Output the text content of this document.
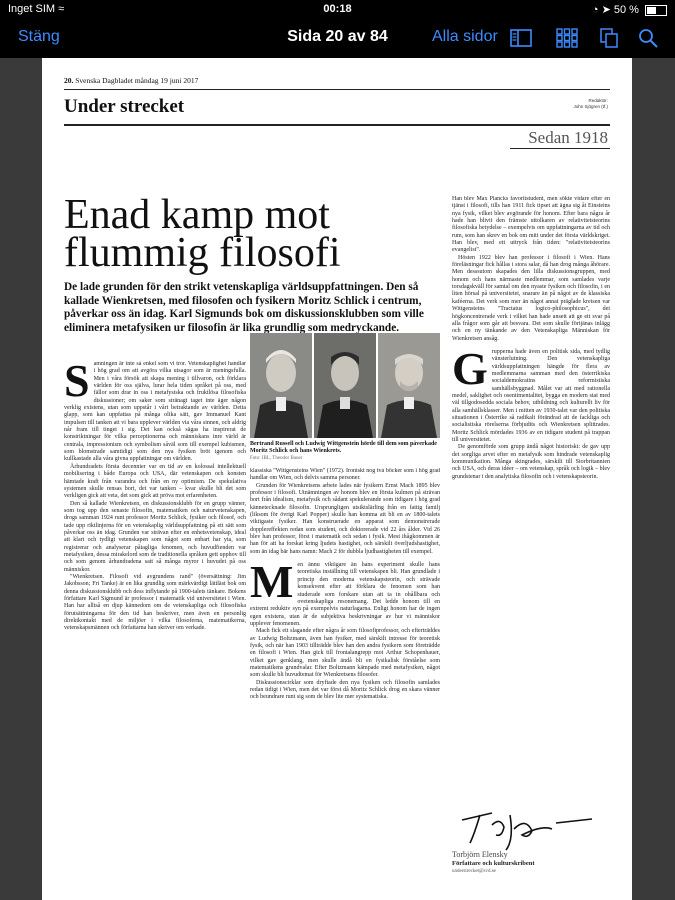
Inget SIM ≈	00:18	◔ ➤ 50 %
Stäng	Sida 20 av 84	Alla sidor
20. Svenska Dagbladet måndag 19 juni 2017
Under strecket	Redaktör:
John Sjögren (tf.)
Sedan 1918
Enad kamp mot flummig filosofi
De lade grunden för den strikt vetenskapliga världsuppfattningen. Den så kallade Wienkretsen, med filosofen och fysikern Moritz Schlick i centrum, påverkar oss än idag. Karl Sigmunds bok om diskussionsklubben som ville eliminera metafysiken ur filosofin är lika grundlig som medryckande.
S amningen är inte så enkel som vi tror. Vetenskaplighet handlar i hög grad om att avgöra vilka utsagor som är meningsfulla. Men i våra försök att skapa mening i tillvaron, och förklara världen för oss själva, lurar hela tiden språket på oss, med fällor som drar in oss i metafysiska och fruktlösa filosofiska diskussioner; om saker som stränagt taget inte äger någon verklig existens, utan som uppstår i vårt betraktande av världen. Detta glapp, som kan uppfattas på många olika sätt, gav Immanuel Kant impulsen till tanken att vi bara upplever världen via våra sinnen, och aldrig når fram till tinget i sig. Det kan också sägas ha inspirerat de konstriktningar för vilka perceptionerna och människans inre värld är centrala, impressionism och symbolism såväl som till exempel kubismen, som blomstrade samtidigt som den nya fysiken bröt igenom och kullkastade alla våra givna uppfattningar om världen.

Århundradets första decennier var en tid av en kolossal intellektuell mobilisering i både Europa och USA, där vetenskapen och konsten hämtade kraft från varandra och från en ny optimism. De spekulativa systemen skulle rensas bort, det var tanken – kvar skulle bli det som verkligen gick att veta, det som gick att pröva mot erfarenheten.

Den så kallade Wienkretsen, en diskussionsklubb för en grupp vänner, som tog upp den senaste filosofin, matematiken och naturvetenskapen, drogs samman 1924 runt professor Moritz Schlick, fysiker och filosof, och tade upp riktlinjerna för en vetenskaplig världsuppfattning på ett sätt som påverkar oss än idag. Grunden var strävan efter en enhetsvetenskap, ideal att klart och tydligt vetenskapen som något som enbart har yta, som registrerar och analyserar påtagliga fenomen, och huvudfienden var metafysiken, dessa mirakelord som de traditionella språken gett upphov till och som genom århundradena satt så många myror i huvudet på oss människor.

"Wienkretsen. Filosofi vid avgrundens rand" (översättning: Jim Jakobsson; Fri Tanke) är en lika grundlig som märkvärdigt lättläst bok om denna diskussionsklubb och dess inflytande på 1900-talets tänkare. Bokens författare Karl Sigmund är professor i matematik vid universitetet i Wien. Han har alltså en djup kännedom om de vetenskapliga och filosofiska förutsättningarna för den tid han beskriver, men även en personlig direktkontakt med de miljöer i vilka filosoferna, matematikerna, vetenskapsmännen och författarna han skriver om verkade.

Bertrand Russell och Ludwig Wittgenstein hörde till dem som påverkade Moritz Schlick och hans Wienkrets.
Foto: IBL, Theodor Bauer

klassiska "Wittgensteins Wien" (1972). Ironiskt nog två böcker som i hög grad handlar om Wien, och delvis samma personer.

Grunden för Wienkretsens arbete lades när fysikern Ernst Mach 1895 blev professor i filosofi. Utnämningen av honom blev en första kulmen på strävan bort från idealism, metafysik och sådant spekulerande som tidigare i hög grad kännetecknade filosofin. Ursprungligen utsiktslärling från en fattig familj (liksom för övrigt Karl Popper) skulle han komma att bli en av 1800-talets viktigaste fysiker. Han konstruerade en apparat som demonstrerade dopplereffekten redan som student, och doktorerade vid 22 års ålder. Vid 26 blev han professor, först i matematik och sedan i fysik. Mest ihågkommen är han för att ha forskat kring ljudets hastighet, och särskilt överljudshastighet, som än idag bär hans namn: Mach 2 för dubbla ljudhastigheten till exempel.

Men ännu viktigare än hans experiment skulle hans teoretiska inställning till vetenskapen bli. Han grundlade i princip den moderna vetenskapsteorin, och strävade konsekvent efter att förklara de fenomen som han studerade som forskare utan att ta in ohållbara och ovetenskapliga resonemang. Det ledde honom till en extremt reduktiv syn på exempelvis naturlagarna. Enligt honom har de ingen egen existens, utan är de subjektiva beskrivningar av hur vi människor upplever fenomenen.

Mach fick ett slagande efter några år som filosofiprofessor, och efterträddes av Ludwig Boltzmann, även han fysiker, med särskilt intresse för teoretisk fysik, och när han 1903 tillträdde blev han den andra fysikern som företrädde en filosofi i Wien. Han gick till frontalangrepp mot Arthur Schopenhauer, vilket gav genklang, men skulle ändå bli en fysikalisk förståelse som matematikens grundvalar. Efter Boltzmann kämpade med metafysiken, något som skulle bli huvudtemat för Wienkretsens filosofer.

Diskussionscirklar som dryftade den nya fysiken och filosofin samlades redan tidigt i Wien, men det var först då Moritz Schlick drog en skara vänner och beundrare runt sig som de blev lite mer systematiska.

Han blev Max Plancks favoritstudent, men sökte vidare efter en tjänst i filosofi, tills han 1911 fick tipset att ägna sig åt Einsteins nya fysik, vilket blev avgörande för honom. Efter bara några år hade han blivit den främste uttolkaren av relativitetsteorins filosofiska betydelse – exempelvis om uppfattningarna av tid och rum, som han skrev en bok om mitt under det första världskriget. Han blev, med ett uttryck från tiden: "relativitetsteorins evangelist".

Hösten 1922 blev han professor i filosofi i Wien. Hans föreläsningar fick hållas i stora salar, då han drog många åhörare. Men desssutom skapades den lilla diskussionsgruppen, med honom och hans närmaste medlemmar, som samlades varje torsdagskväll för samtal om den nyaste fysiken och filosofin, i en liten hörsal på universitetet, snarare än på något av de klassiska kaféerna. Det verk som mer än något annat präglade kretsen var Wittgensteins "Tractatus logico-philosophicus", det högkoncentrerade verk i vilket han hade ansett att ge ett svar på alla frågor som går att besvara. Det som skulle förtjänas inlägg och en ny tänkande av den Vetenskapliga Människan för Wienkretsen ansåg.

Grupperna hade även en politisk sida, med tydlig vänsterlutning. Den vetenskapliga världsuppfattningen hängde för flera av medlemmarna samman med den österrikiska socialdemokratins reformistiska samhällsbyggnad. Målet var att med rationella medel, saklighet och osentimentalitet, bygga en modern stat med väl tillgodosedda sociala behov, utbildning och kulturellt liv för alla samhällsklasser. Men i mitten av 1930-talet var den politiska situationen i Österrike så radikalt förändrad att de fackliga och socialistiska rörelserna förbjudits och Wienkretsen splittrades. Moritz Schlick mördades 1936 av en tidigare student på trappan till universitetet.

De genomförde som grupp ändå något historiskt: de gav upp det sorgliga arvet efter en metafysik som hindrade vetenskaplig kommunikation. Många skingrades, särskilt till Storbritannien och USA, och deras idéer – om vetenskap, språk och logik – blev grundstenar i den analytiska filosofin och i vetenskapsteorin.

Torbjörn Elensky
Författare och kulturskribent
understrecket@svd.se
